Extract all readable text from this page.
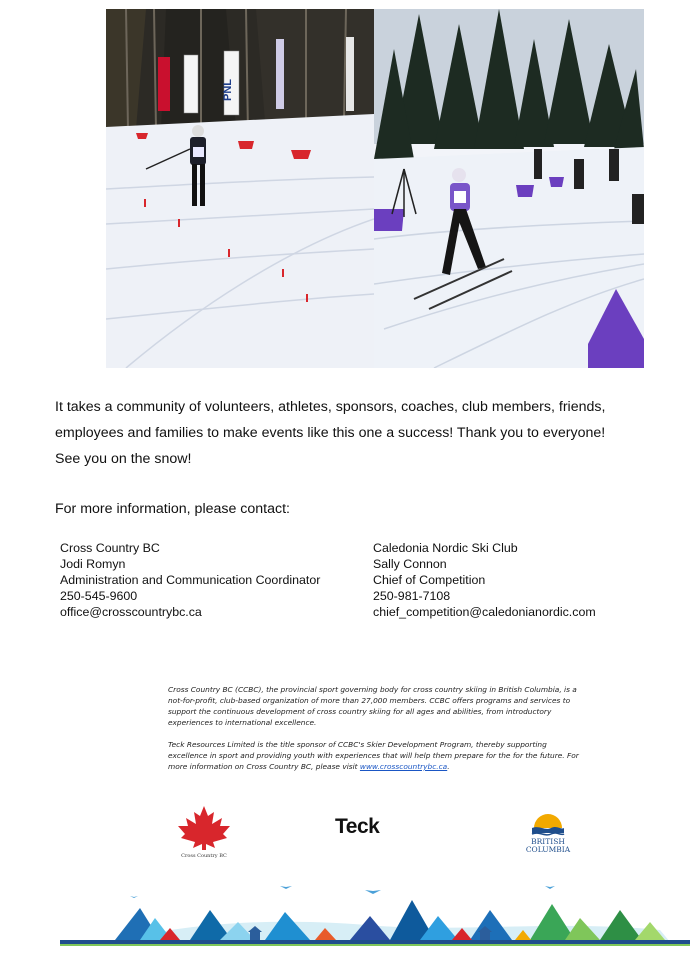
PNL

It takes a community of volunteers, athletes, sponsors, coaches, club members, friends,

employees and families to make events like this one a success! Thank you to everyone!

See you on the snow!

For more information, please contact:

Cross Country BC
Jodi Romyn
Administration and Communication Coordinator
250-545-9600
office@crosscountrybc.ca
Caledonia Nordic Ski Club
Sally Connon
Chief of Competition
250-981-7108
chief_competition@caledonianordic.com

Cross Country BC (CCBC), the provincial sport governing body for cross country skiing in British Columbia, is a not-for-profit, club-based organization of more than 27,000 members. CCBC offers programs and services to support the continuous development of cross country skiing for all ages and abilities, from introductory experiences to international excellence.

Teck Resources Limited is the title sponsor of CCBC's Skier Development Program, thereby supporting excellence in sport and providing youth with experiences that will help them prepare for the for the future. For more information on Cross Country BC, please visit www.crosscountrybc.ca.

Cross Country BC
Teck
BRITISH
COLUMBIA
